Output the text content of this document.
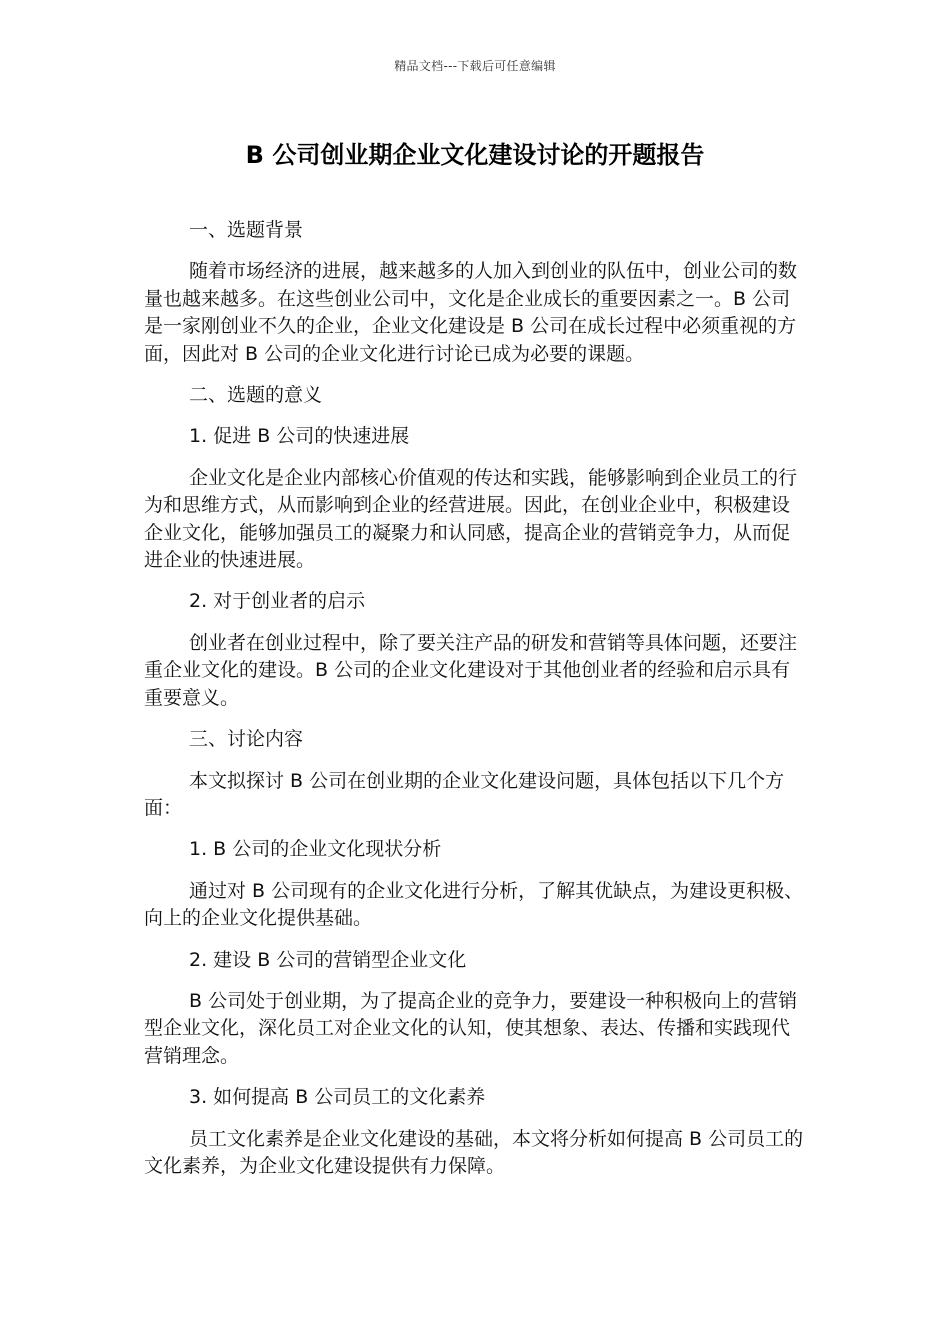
精品文档---下载后可任意编辑
B 公司创业期企业文化建设讨论的开题报告

一、选题背景

随着市场经济的进展，越来越多的人加入到创业的队伍中，创业公司的数量也越来越多。在这些创业公司中，文化是企业成长的重要因素之一。B 公司是一家刚创业不久的企业，企业文化建设是 B 公司在成长过程中必须重视的方面，因此对 B 公司的企业文化进行讨论已成为必要的课题。

二、选题的意义

1. 促进 B 公司的快速进展

企业文化是企业内部核心价值观的传达和实践，能够影响到企业员工的行为和思维方式，从而影响到企业的经营进展。因此，在创业企业中，积极建设企业文化，能够加强员工的凝聚力和认同感，提高企业的营销竞争力，从而促进企业的快速进展。

2. 对于创业者的启示

创业者在创业过程中，除了要关注产品的研发和营销等具体问题，还要注重企业文化的建设。B 公司的企业文化建设对于其他创业者的经验和启示具有重要意义。

三、讨论内容

本文拟探讨 B 公司在创业期的企业文化建设问题，具体包括以下几个方面：

1. B 公司的企业文化现状分析

通过对 B 公司现有的企业文化进行分析，了解其优缺点，为建设更积极、向上的企业文化提供基础。

2. 建设 B 公司的营销型企业文化

B 公司处于创业期，为了提高企业的竞争力，要建设一种积极向上的营销型企业文化，深化员工对企业文化的认知，使其想象、表达、传播和实践现代营销理念。

3. 如何提高 B 公司员工的文化素养

员工文化素养是企业文化建设的基础，本文将分析如何提高 B 公司员工的文化素养，为企业文化建设提供有力保障。
